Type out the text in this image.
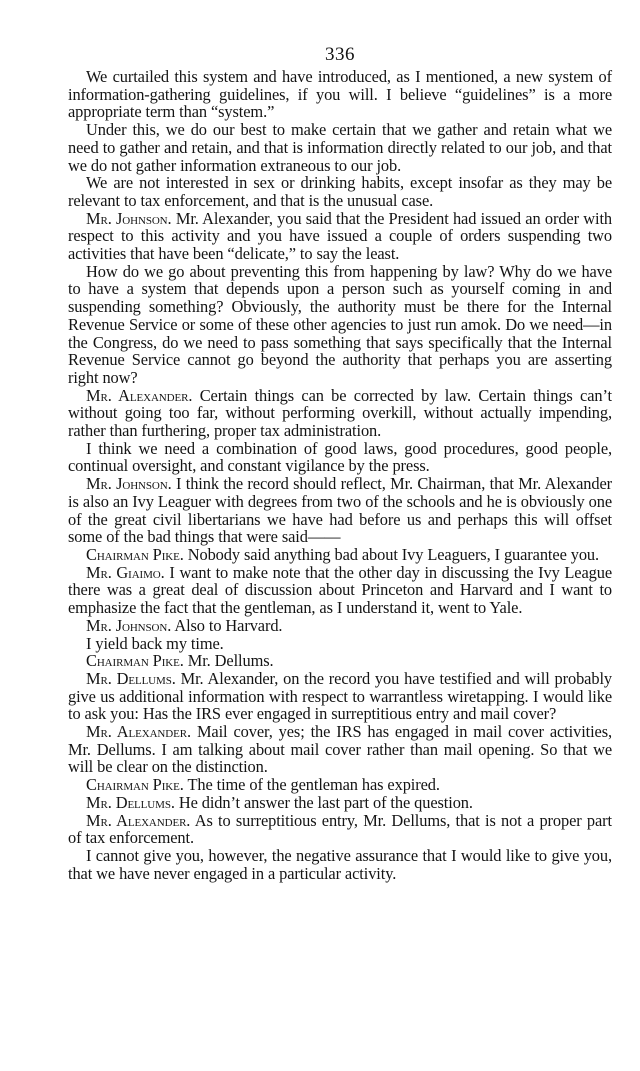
336

We curtailed this system and have introduced, as I mentioned, a new system of information-gathering guidelines, if you will. I believe “guidelines” is a more appropriate term than “system.”

Under this, we do our best to make certain that we gather and retain what we need to gather and retain, and that is information directly related to our job, and that we do not gather information extraneous to our job.

We are not interested in sex or drinking habits, except insofar as they may be relevant to tax enforcement, and that is the unusual case.

Mr. Johnson. Mr. Alexander, you said that the President had issued an order with respect to this activity and you have issued a couple of orders suspending two activities that have been “delicate,” to say the least.

How do we go about preventing this from happening by law? Why do we have to have a system that depends upon a person such as yourself coming in and suspending something? Obviously, the authority must be there for the Internal Revenue Service or some of these other agencies to just run amok. Do we need—in the Congress, do we need to pass something that says specifically that the Internal Revenue Service cannot go beyond the authority that perhaps you are asserting right now?

Mr. Alexander. Certain things can be corrected by law. Certain things can’t without going too far, without performing overkill, without actually impending, rather than furthering, proper tax administration.

I think we need a combination of good laws, good procedures, good people, continual oversight, and constant vigilance by the press.

Mr. Johnson. I think the record should reflect, Mr. Chairman, that Mr. Alexander is also an Ivy Leaguer with degrees from two of the schools and he is obviously one of the great civil libertarians we have had before us and perhaps this will offset some of the bad things that were said——

Chairman Pike. Nobody said anything bad about Ivy Leaguers, I guarantee you.

Mr. Giaimo. I want to make note that the other day in discussing the Ivy League there was a great deal of discussion about Princeton and Harvard and I want to emphasize the fact that the gentleman, as I understand it, went to Yale.

Mr. Johnson. Also to Harvard.

I yield back my time.

Chairman Pike. Mr. Dellums.

Mr. Dellums. Mr. Alexander, on the record you have testified and will probably give us additional information with respect to warrantless wiretapping. I would like to ask you: Has the IRS ever engaged in surreptitious entry and mail cover?

Mr. Alexander. Mail cover, yes; the IRS has engaged in mail cover activities, Mr. Dellums. I am talking about mail cover rather than mail opening. So that we will be clear on the distinction.

Chairman Pike. The time of the gentleman has expired.

Mr. Dellums. He didn’t answer the last part of the question.

Mr. Alexander. As to surreptitious entry, Mr. Dellums, that is not a proper part of tax enforcement.

I cannot give you, however, the negative assurance that I would like to give you, that we have never engaged in a particular activity.
